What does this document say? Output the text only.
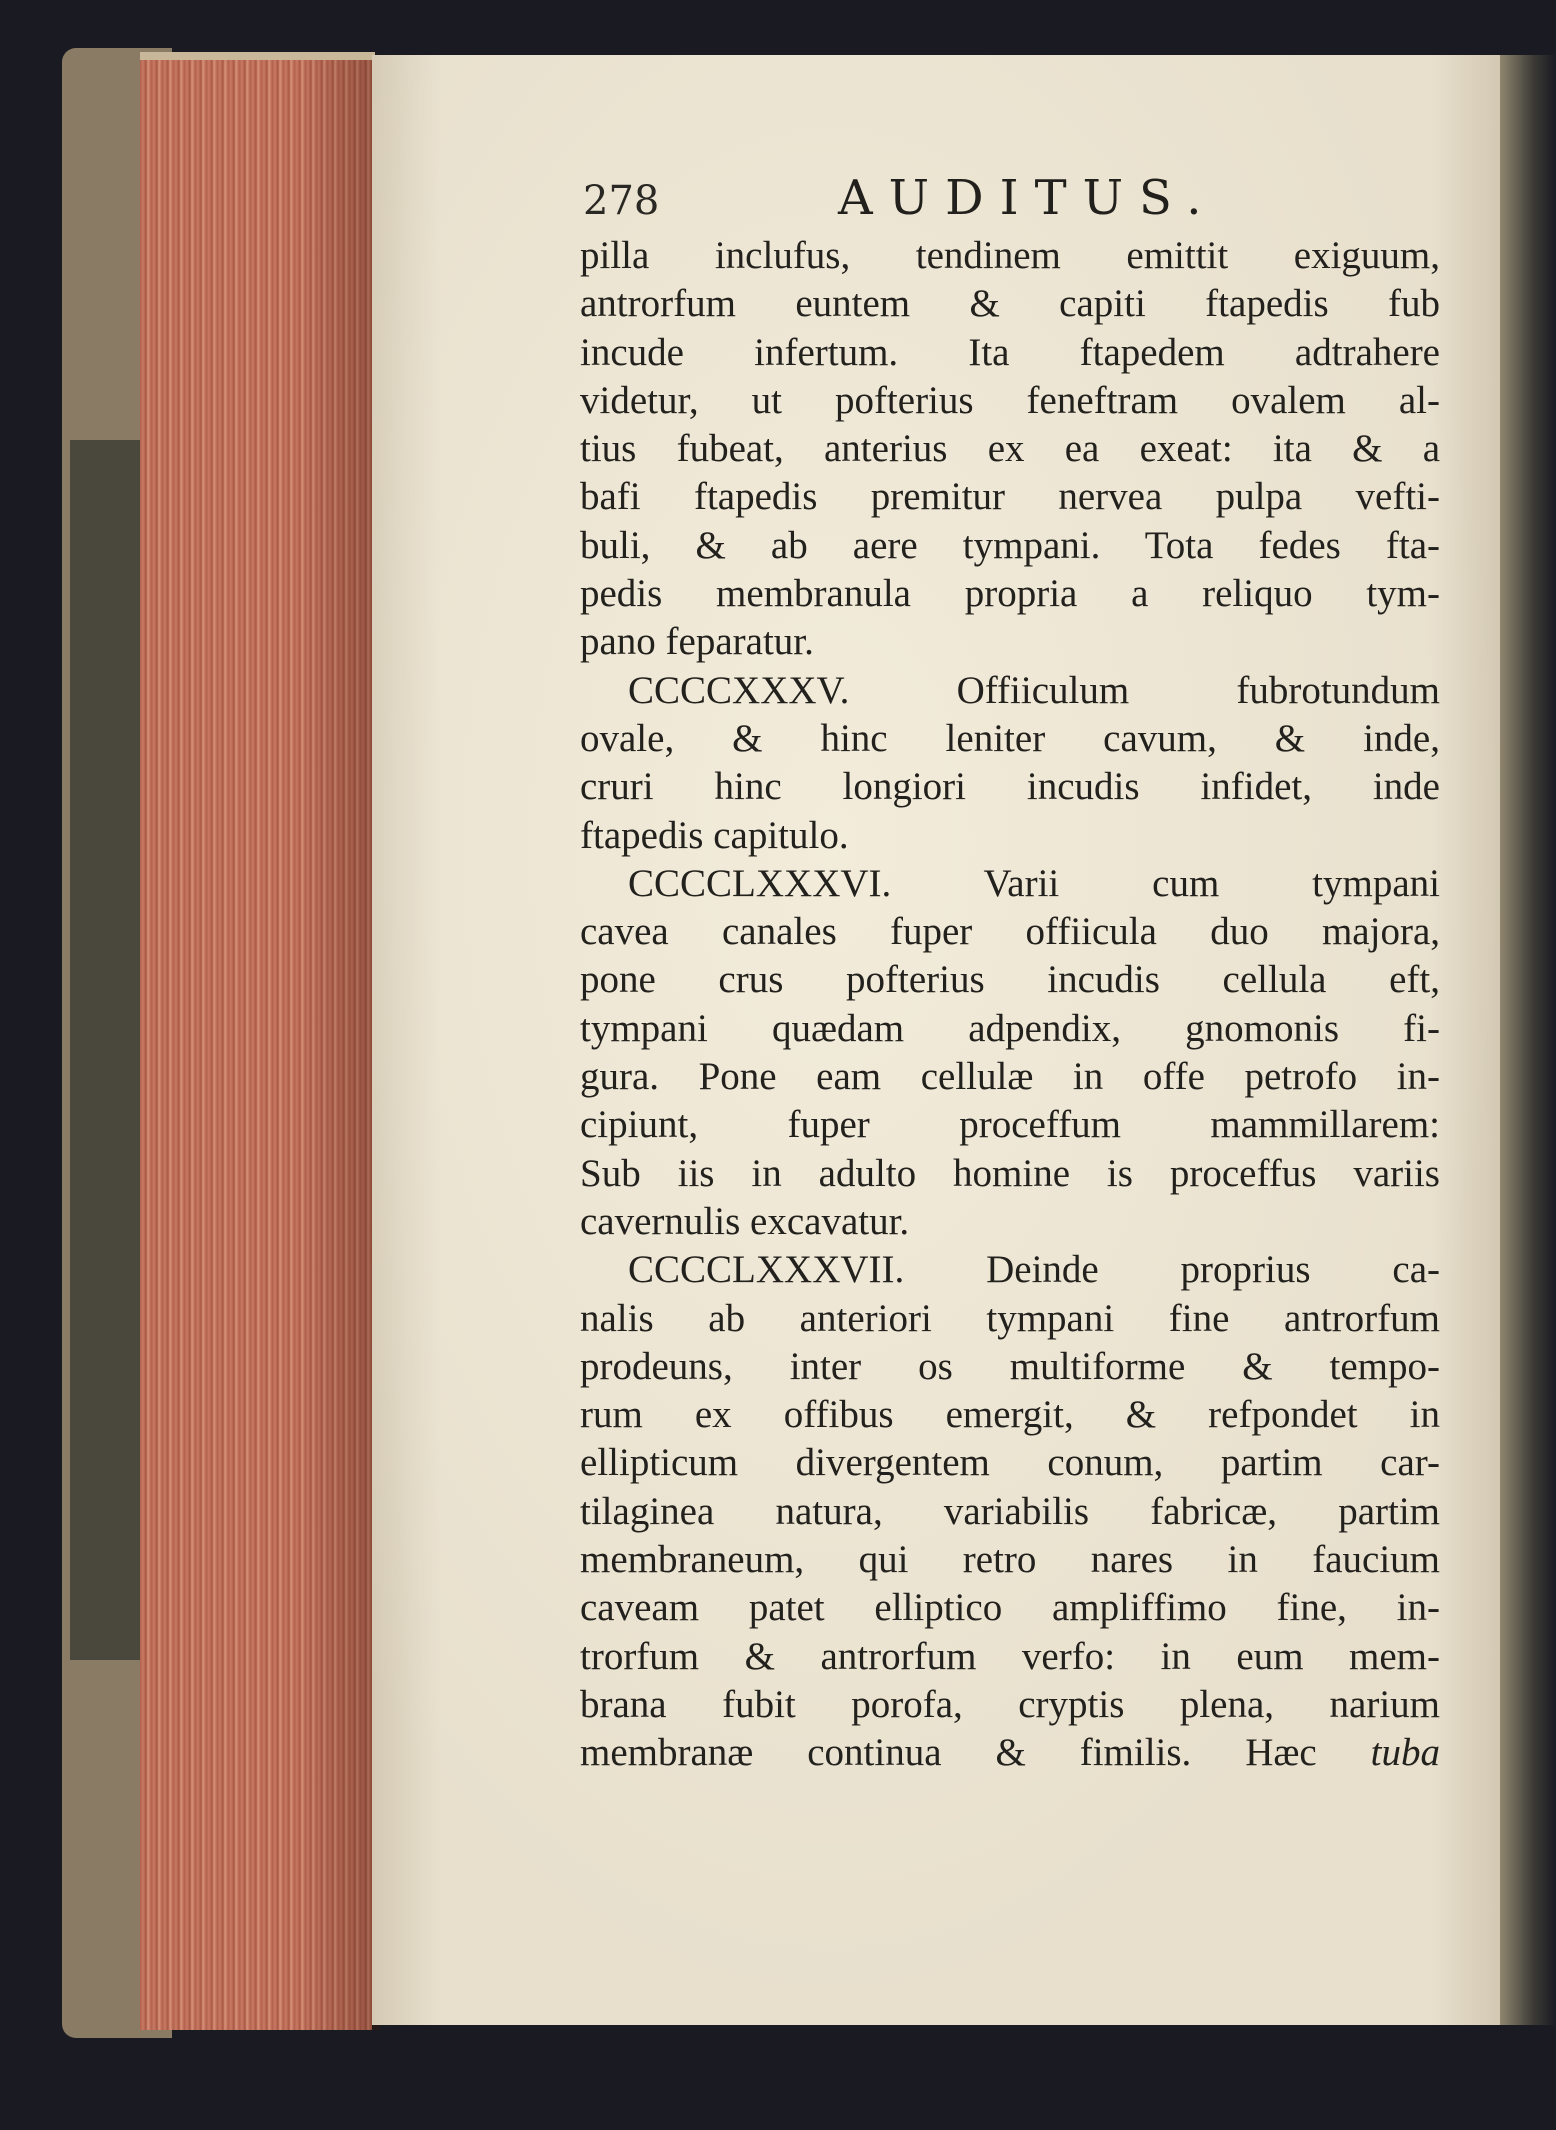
278	AUDITUS.
pilla inclufus, tendinem emittit exiguum,
antrorfum euntem & capiti ftapedis fub
incude infertum. Ita ftapedem adtrahere
videtur, ut pofterius feneftram ovalem al-
tius fubeat, anterius ex ea exeat: ita & a
bafi ftapedis premitur nervea pulpa vefti-
buli, & ab aere tympani. Tota fedes fta-
pedis membranula propria a reliquo tym-
pano feparatur.
CCCCXXXV. Offiiculum fubrotundum
ovale, & hinc leniter cavum, & inde,
cruri hinc longiori incudis infidet, inde
ftapedis capitulo.
CCCCLXXXVI. Varii cum tympani
cavea canales fuper offiicula duo majora,
pone crus pofterius incudis cellula eft,
tympani quædam adpendix, gnomonis fi-
gura. Pone eam cellulæ in offe petrofo in-
cipiunt, fuper proceffum mammillarem:
Sub iis in adulto homine is proceffus variis
cavernulis excavatur.
CCCCLXXXVII. Deinde proprius ca-
nalis ab anteriori tympani fine antrorfum
prodeuns, inter os multiforme & tempo-
rum ex offibus emergit, & refpondet in
ellipticum divergentem conum, partim car-
tilaginea natura, variabilis fabricæ, partim
membraneum, qui retro nares in faucium
caveam patet elliptico ampliffimo fine, in-
trorfum & antrorfum verfo: in eum mem-
brana fubit porofa, cryptis plena, narium
membranæ continua & fimilis. Hæc tuba
